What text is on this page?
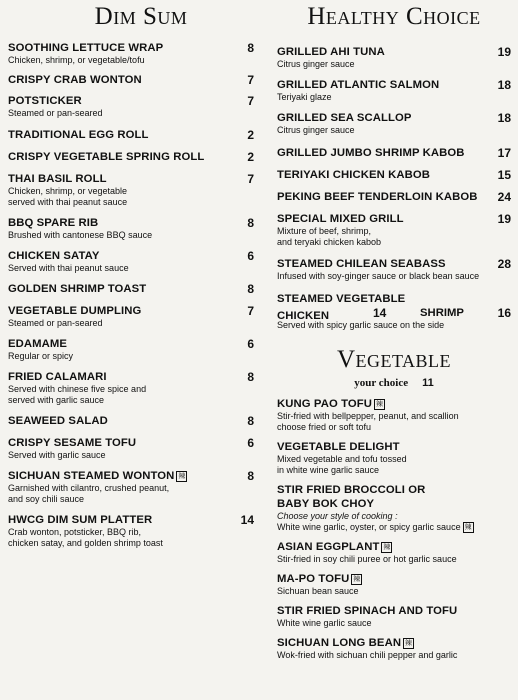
Dim Sum
SOOTHING LETTUCE WRAP	8
Chicken, shrimp, or vegetable/tofu
CRISPY CRAB WONTON	7
POTSTICKER	7
Steamed or pan-seared
TRADITIONAL EGG ROLL	2
CRISPY VEGETABLE SPRING ROLL	2
THAI BASIL ROLL	7
Chicken, shrimp, or vegetable
served with thai peanut sauce
BBQ SPARE RIB	8
Brushed with cantonese BBQ sauce
CHICKEN SATAY	6
Served with thai peanut sauce
GOLDEN SHRIMP TOAST	8
VEGETABLE DUMPLING	7
Steamed or pan-seared
EDAMAME	6
Regular or spicy
FRIED CALAMARI	8
Served with chinese five spice and
served with garlic sauce
SEAWEED SALAD	8
CRISPY SESAME TOFU	6
Served with garlic sauce
SICHUAN STEAMED WONTON 辣	8
Garnished with cilantro, crushed peanut,
and soy chili sauce
HWCG DIM SUM PLATTER	14
Crab wonton, potsticker, BBQ rib,
chicken satay, and golden shrimp toast
Healthy Choice
GRILLED AHI TUNA	19
Citrus ginger sauce
GRILLED ATLANTIC SALMON	18
Teriyaki glaze
GRILLED SEA SCALLOP	18
Citrus ginger sauce
GRILLED JUMBO SHRIMP KABOB	17
TERIYAKI CHICKEN KABOB	15
PEKING BEEF TENDERLOIN KABOB	24
SPECIAL MIXED GRILL	19
Mixture of beef, shrimp,
and teryaki chicken kabob
STEAMED CHILEAN SEABASS	28
Infused with soy-ginger sauce or black bean sauce
STEAMED VEGETABLE
CHICKEN	14	SHRIMP	16
Served with spicy garlic sauce on the side
Vegetable
your choice 11
KUNG PAO TOFU 辣
Stir-fried with bellpepper, peanut, and scallion
choose fried or soft tofu
VEGETABLE DELIGHT
Mixed vegetable and tofu tossed
in white wine garlic sauce
STIR FRIED BROCCOLI OR
BABY BOK CHOY
Choose your style of cooking :
White wine garlic, oyster, or spicy garlic sauce 辣
ASIAN EGGPLANT 辣
Stir-fried in soy chili puree or hot garlic sauce
MA-PO TOFU 辣
Sichuan bean sauce
STIR FRIED SPINACH AND TOFU
White wine garlic sauce
SICHUAN LONG BEAN 辣
Wok-fried with sichuan chili pepper and garlic
